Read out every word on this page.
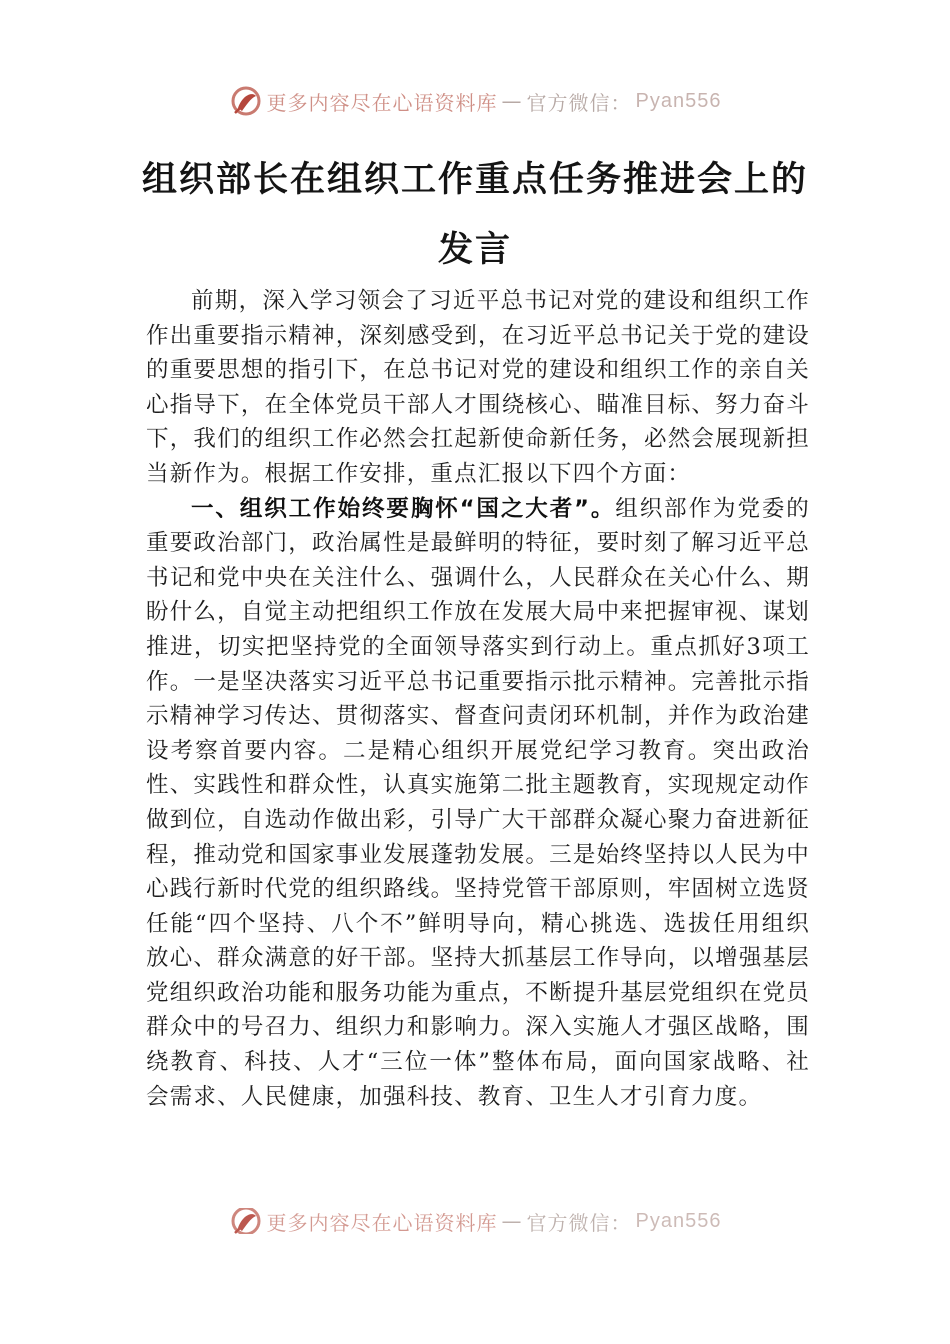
更多内容尽在心语资料库 — 官方微信： Pyan556
组织部长在组织工作重点任务推进会上的
发言

前期，深入学习领会了习近平总书记对党的建设和组织工作作出重要指示精神，深刻感受到，在习近平总书记关于党的建设的重要思想的指引下，在总书记对党的建设和组织工作的亲自关心指导下，在全体党员干部人才围绕核心、瞄准目标、努力奋斗下，我们的组织工作必然会扛起新使命新任务，必然会展现新担当新作为。根据工作安排，重点汇报以下四个方面：

一、组织工作始终要胸怀“国之大者”。组织部作为党委的重要政治部门，政治属性是最鲜明的特征，要时刻了解习近平总书记和党中央在关注什么、强调什么，人民群众在关心什么、期盼什么，自觉主动把组织工作放在发展大局中来把握审视、谋划推进，切实把坚持党的全面领导落实到行动上。重点抓好3项工作。一是坚决落实习近平总书记重要指示批示精神。完善批示指示精神学习传达、贯彻落实、督查问责闭环机制，并作为政治建设考察首要内容。二是精心组织开展党纪学习教育。突出政治性、实践性和群众性，认真实施第二批主题教育，实现规定动作做到位，自选动作做出彩，引导广大干部群众凝心聚力奋进新征程，推动党和国家事业发展蓬勃发展。三是始终坚持以人民为中心践行新时代党的组织路线。坚持党管干部原则，牢固树立选贤任能“四个坚持、八个不”鲜明导向，精心挑选、选拔任用组织放心、群众满意的好干部。坚持大抓基层工作导向，以增强基层党组织政治功能和服务功能为重点，不断提升基层党组织在党员群众中的号召力、组织力和影响力。深入实施人才强区战略，围绕教育、科技、人才“三位一体”整体布局，面向国家战略、社会需求、人民健康，加强科技、教育、卫生人才引育力度。

更多内容尽在心语资料库 — 官方微信： Pyan556
